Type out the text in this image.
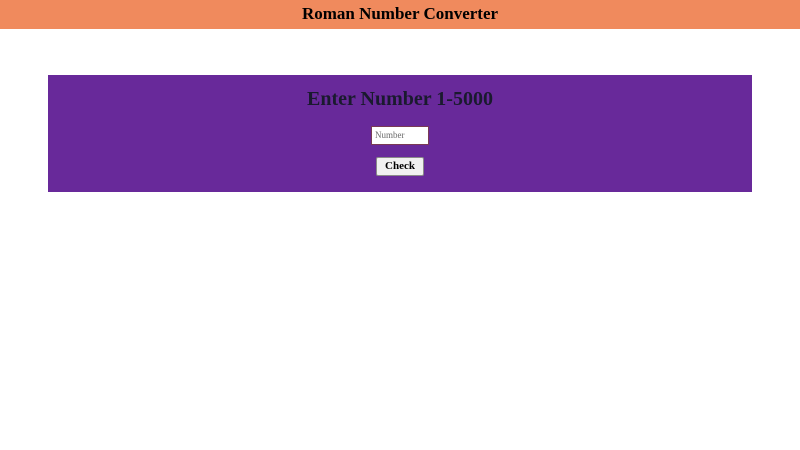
Roman Number Converter
Enter Number 1-5000
Number
Check
